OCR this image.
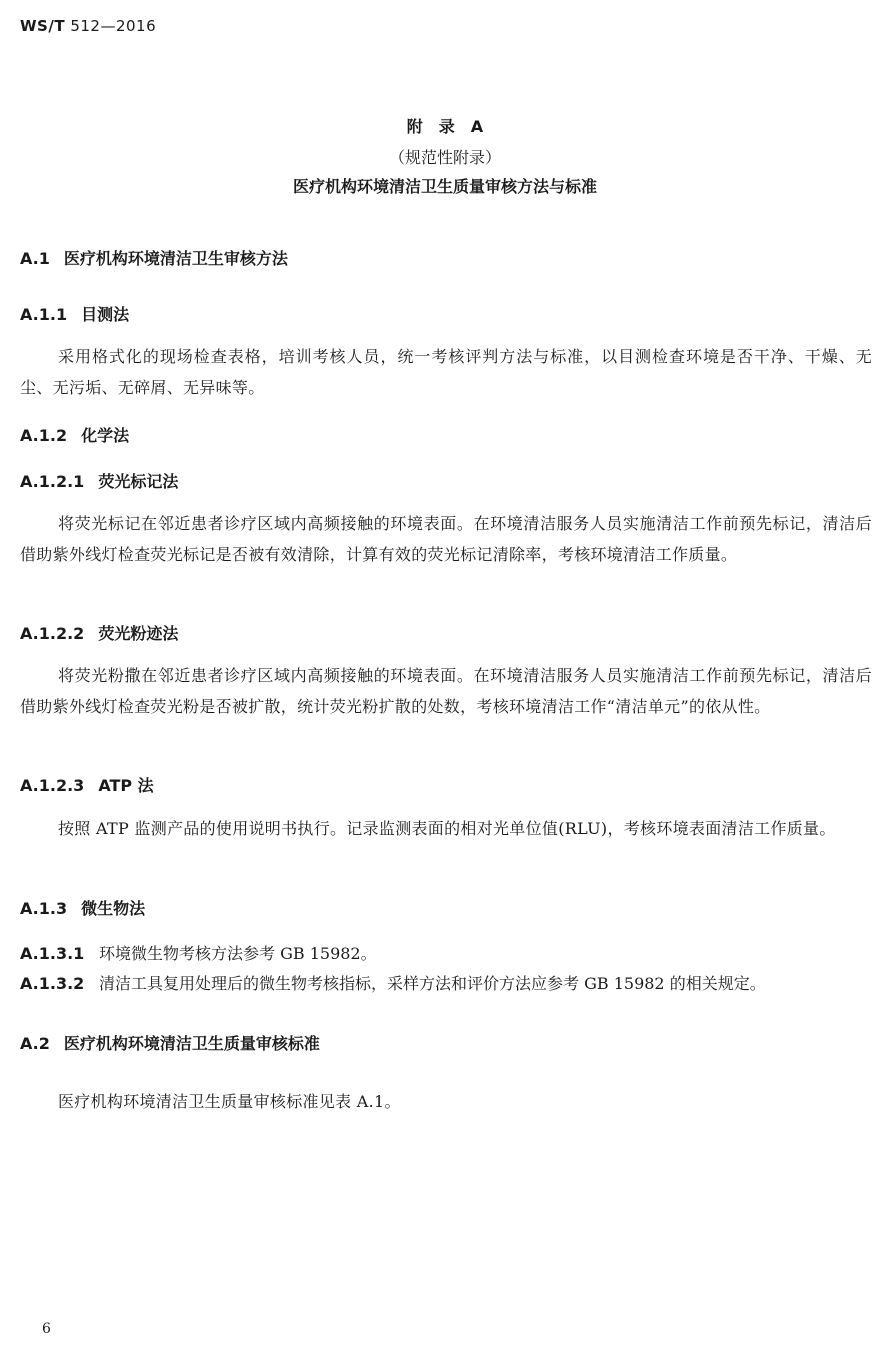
WS/T 512—2016
附　录　A
（规范性附录）
医疗机构环境清洁卫生质量审核方法与标准
A.1 医疗机构环境清洁卫生审核方法
A.1.1 目测法
采用格式化的现场检查表格，培训考核人员，统一考核评判方法与标准，以目测检查环境是否干净、干燥、无尘、无污垢、无碎屑、无异味等。
A.1.2 化学法
A.1.2.1 荧光标记法
将荧光标记在邻近患者诊疗区域内高频接触的环境表面。在环境清洁服务人员实施清洁工作前预先标记，清洁后借助紫外线灯检查荧光标记是否被有效清除，计算有效的荧光标记清除率，考核环境清洁工作质量。
A.1.2.2 荧光粉迹法
将荧光粉撒在邻近患者诊疗区域内高频接触的环境表面。在环境清洁服务人员实施清洁工作前预先标记，清洁后借助紫外线灯检查荧光粉是否被扩散，统计荧光粉扩散的处数，考核环境清洁工作“清洁单元”的依从性。
A.1.2.3 ATP 法
按照 ATP 监测产品的使用说明书执行。记录监测表面的相对光单位值(RLU)，考核环境表面清洁工作质量。
A.1.3 微生物法
A.1.3.1 环境微生物考核方法参考 GB 15982。
A.1.3.2 清洁工具复用处理后的微生物考核指标，采样方法和评价方法应参考 GB 15982 的相关规定。
A.2 医疗机构环境清洁卫生质量审核标准
医疗机构环境清洁卫生质量审核标准见表 A.1。
6
